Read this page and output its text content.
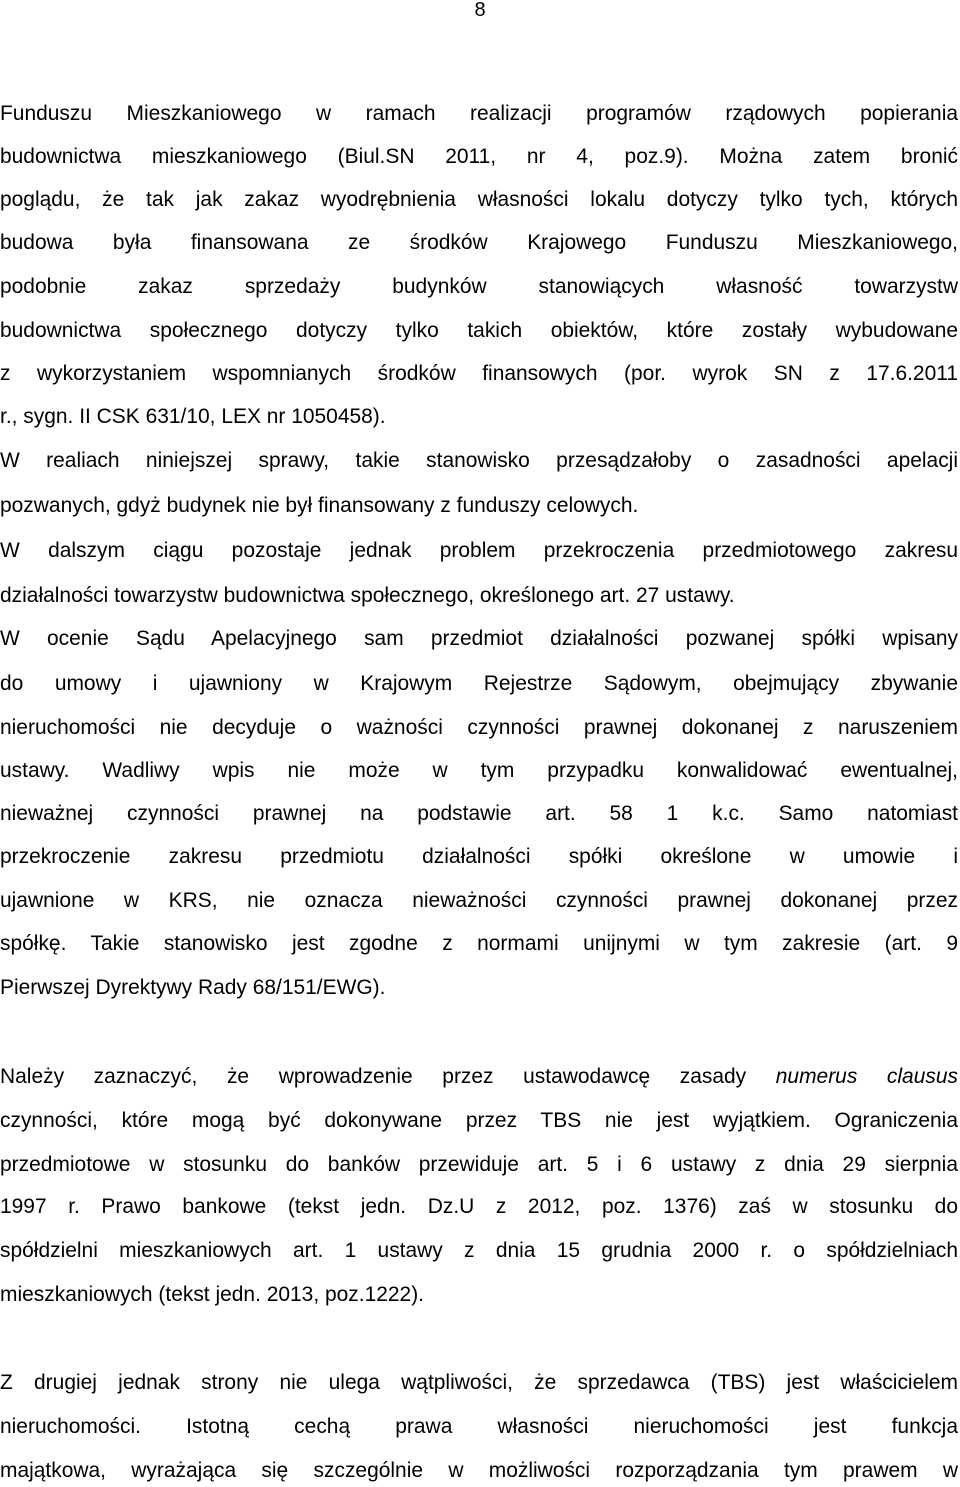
8
Funduszu Mieszkaniowego w ramach realizacji programów rządowych popierania
budownictwa mieszkaniowego (Biul.SN 2011, nr 4, poz.9). Można zatem bronić
poglądu, że tak jak zakaz wyodrębnienia własności lokalu dotyczy tylko tych, których
budowa była finansowana ze środków Krajowego Funduszu Mieszkaniowego,
podobnie zakaz sprzedaży budynków stanowiących własność towarzystw
budownictwa społecznego dotyczy tylko takich obiektów, które zostały wybudowane
z wykorzystaniem wspomnianych środków finansowych (por. wyrok SN z 17.6.2011
r., sygn. II CSK 631/10, LEX nr 1050458).
W realiach niniejszej sprawy, takie stanowisko przesądzałoby o zasadności apelacji
pozwanych, gdyż budynek nie był finansowany z funduszy celowych.
W dalszym ciągu pozostaje jednak problem przekroczenia przedmiotowego zakresu
działalności towarzystw budownictwa społecznego, określonego art. 27 ustawy.
W ocenie Sądu Apelacyjnego sam przedmiot działalności pozwanej spółki wpisany
do umowy i ujawniony w Krajowym Rejestrze Sądowym, obejmujący zbywanie
nieruchomości nie decyduje o ważności czynności prawnej dokonanej z naruszeniem
ustawy. Wadliwy wpis nie może w tym przypadku konwalidować ewentualnej,
nieważnej czynności prawnej na podstawie art. 58 1 k.c. Samo natomiast
przekroczenie zakresu przedmiotu działalności spółki określone w umowie i
ujawnione w KRS, nie oznacza nieważności czynności prawnej dokonanej przez
spółkę. Takie stanowisko jest zgodne z normami unijnymi w tym zakresie (art. 9
Pierwszej Dyrektywy Rady 68/151/EWG).
Należy zaznaczyć, że wprowadzenie przez ustawodawcę zasady numerus clausus
czynności, które mogą być dokonywane przez TBS nie jest wyjątkiem. Ograniczenia
przedmiotowe w stosunku do banków przewiduje art. 5 i 6 ustawy z dnia 29 sierpnia
1997 r. Prawo bankowe (tekst jedn. Dz.U z 2012, poz. 1376) zaś w stosunku do
spółdzielni mieszkaniowych art. 1 ustawy z dnia 15 grudnia 2000 r. o spółdzielniach
mieszkaniowych (tekst jedn. 2013, poz.1222).
Z drugiej jednak strony nie ulega wątpliwości, że sprzedawca (TBS) jest właścicielem
nieruchomości. Istotną cechą prawa własności nieruchomości jest funkcja
majątkowa, wyrażająca się szczególnie w możliwości rozporządzania tym prawem w
